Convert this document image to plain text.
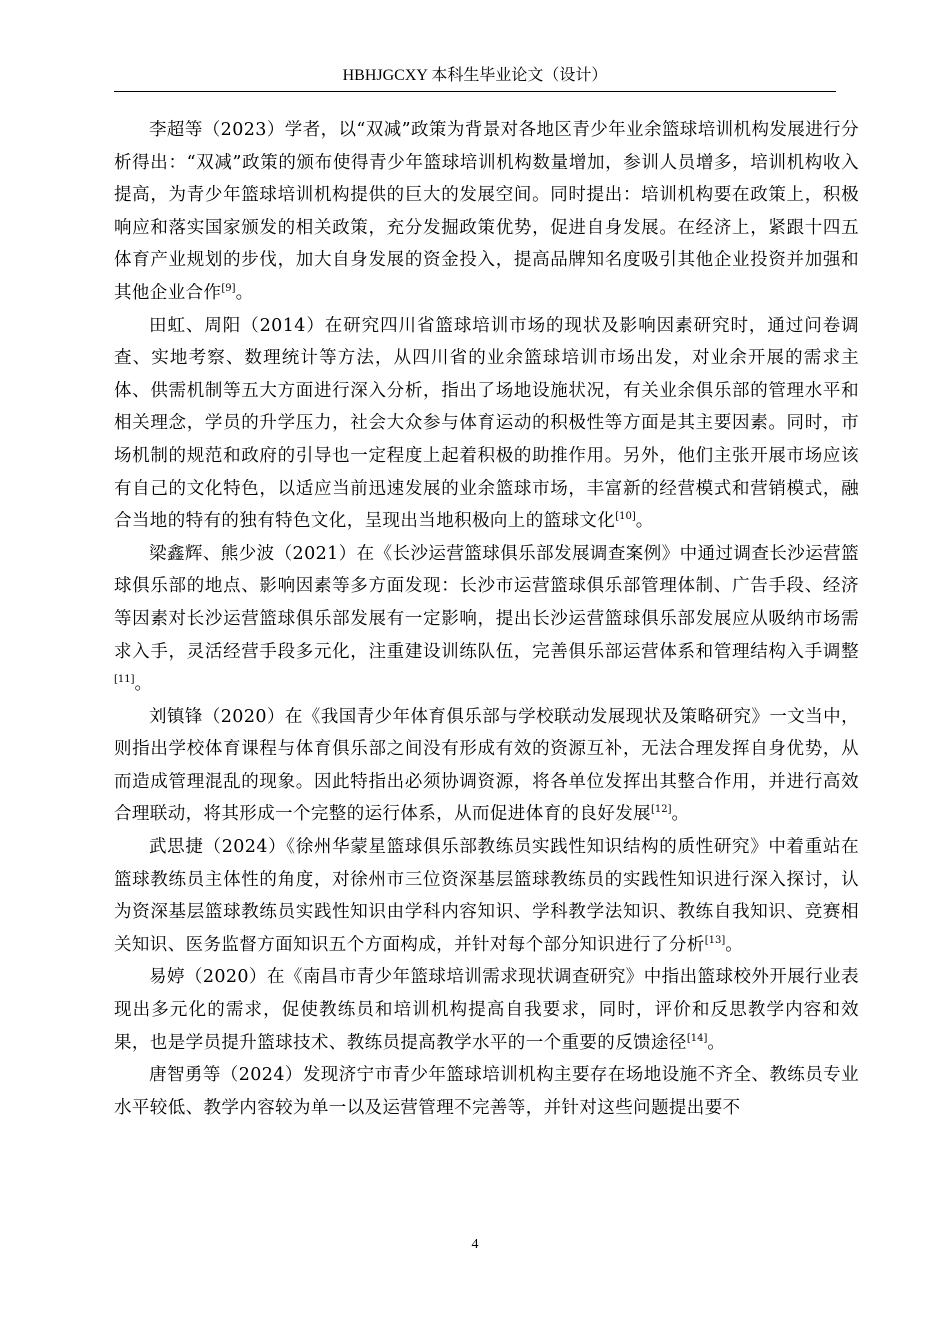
HBHJGCXY 本科生毕业论文（设计）

李超等（2023）学者，以“双减”政策为背景对各地区青少年业余篮球培训机构发展进行分析得出：“双减”政策的颁布使得青少年篮球培训机构数量增加，参训人员增多，培训机构收入提高，为青少年篮球培训机构提供的巨大的发展空间。同时提出：培训机构要在政策上，积极响应和落实国家颁发的相关政策，充分发掘政策优势，促进自身发展。在经济上，紧跟十四五体育产业规划的步伐，加大自身发展的资金投入，提高品牌知名度吸引其他企业投资并加强和其他企业合作[9]。

田虹、周阳（2014）在研究四川省篮球培训市场的现状及影响因素研究时，通过问卷调查、实地考察、数理统计等方法，从四川省的业余篮球培训市场出发，对业余开展的需求主体、供需机制等五大方面进行深入分析，指出了场地设施状况，有关业余俱乐部的管理水平和相关理念，学员的升学压力，社会大众参与体育运动的积极性等方面是其主要因素。同时，市场机制的规范和政府的引导也一定程度上起着积极的助推作用。另外，他们主张开展市场应该有自己的文化特色，以适应当前迅速发展的业余篮球市场，丰富新的经营模式和营销模式，融合当地的特有的独有特色文化，呈现出当地积极向上的篮球文化[10]。

梁鑫辉、熊少波（2021）在《长沙运营篮球俱乐部发展调查案例》中通过调查长沙运营篮球俱乐部的地点、影响因素等多方面发现：长沙市运营篮球俱乐部管理体制、广告手段、经济等因素对长沙运营篮球俱乐部发展有一定影响，提出长沙运营篮球俱乐部发展应从吸纳市场需求入手，灵活经营手段多元化，注重建设训练队伍，完善俱乐部运营体系和管理结构入手调整[11]。

刘镇锋（2020）在《我国青少年体育俱乐部与学校联动发展现状及策略研究》一文当中，则指出学校体育课程与体育俱乐部之间没有形成有效的资源互补，无法合理发挥自身优势，从而造成管理混乱的现象。因此特指出必须协调资源，将各单位发挥出其整合作用，并进行高效合理联动，将其形成一个完整的运行体系，从而促进体育的良好发展[12]。

武思捷（2024）《徐州华蒙星篮球俱乐部教练员实践性知识结构的质性研究》中着重站在篮球教练员主体性的角度，对徐州市三位资深基层篮球教练员的实践性知识进行深入探讨，认为资深基层篮球教练员实践性知识由学科内容知识、学科教学法知识、教练自我知识、竞赛相关知识、医务监督方面知识五个方面构成，并针对每个部分知识进行了分析[13]。

易婷（2020）在《南昌市青少年篮球培训需求现状调查研究》中指出篮球校外开展行业表现出多元化的需求，促使教练员和培训机构提高自我要求，同时，评价和反思教学内容和效果，也是学员提升篮球技术、教练员提高教学水平的一个重要的反馈途径[14]。

唐智勇等（2024）发现济宁市青少年篮球培训机构主要存在场地设施不齐全、教练员专业水平较低、教学内容较为单一以及运营管理不完善等，并针对这些问题提出要不

4
